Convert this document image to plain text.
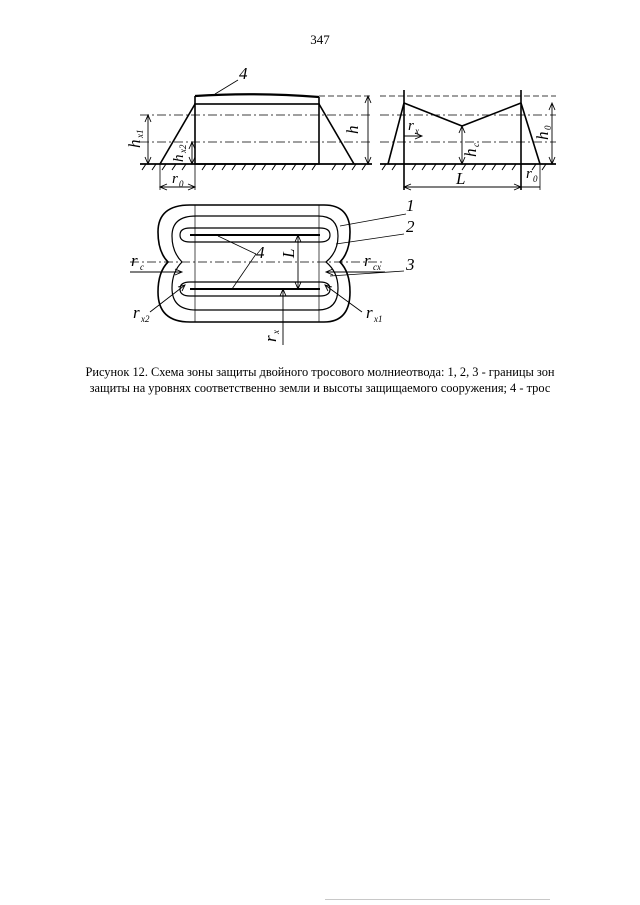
347
4
h
h
x1
h
x2
r 0
r x
h
c
h
0
L	r 0
4
1
2
3
L
r c	r cx
r x2	r x1
r
x
Рисунок 12. Схема зоны защиты двойного тросового молниеотвода: 1, 2, 3 - границы зон
защиты на уровнях соответственно земли и высоты защищаемого сооружения; 4 - трос
